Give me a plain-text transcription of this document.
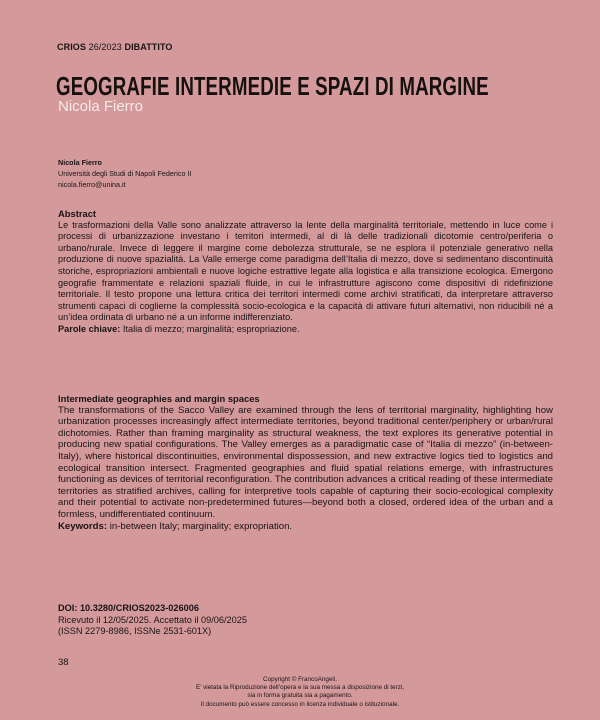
CRIOS 26/2023 DIBATTITO
GEOGRAFIE INTERMEDIE E SPAZI DI MARGINE
Nicola Fierro
Nicola Fierro
Università degli Studi di Napoli Federico II
nicola.fierro@unina.it
Abstract
Le trasformazioni della Valle sono analizzate attraverso la lente della marginalità territoriale, mettendo in luce come i processi di urbanizzazione investano i territori intermedi, al di là delle tradizionali dicotomie centro/periferia o urbano/rurale. Invece di leggere il margine come debolezza strutturale, se ne esplora il potenziale generativo nella produzione di nuove spazialità. La Valle emerge come paradigma dell’Italia di mezzo, dove si sedimentano discontinuità storiche, espropriazioni ambientali e nuove logiche estrattive legate alla logistica e alla transizione ecologica. Emergono geografie frammentate e relazioni spaziali fluide, in cui le infrastrutture agiscono come dispositivi di ridefinizione territoriale. Il testo propone una lettura critica dei territori intermedi come archivi stratificati, da interpretare attraverso strumenti capaci di coglierne la complessità socio-ecologica e la capacità di attivare futuri alternativi, non riducibili né a un’idea ordinata di urbano né a un informe indifferenziato.
Parole chiave: Italia di mezzo; marginalità; espropriazione.
Intermediate geographies and margin spaces
The transformations of the Sacco Valley are examined through the lens of territorial marginality, highlighting how urbanization processes increasingly affect intermediate territories, beyond traditional center/periphery or urban/rural dichotomies. Rather than framing marginality as structural weakness, the text explores its generative potential in producing new spatial configurations. The Valley emerges as a paradigmatic case of “Italia di mezzo” (in-between-Italy), where historical discontinuities, environmental dispossession, and new extractive logics tied to logistics and ecological transition intersect. Fragmented geographies and fluid spatial relations emerge, with infrastructures functioning as devices of territorial reconfiguration. The contribution advances a critical reading of these intermediate territories as stratified archives, calling for interpretive tools capable of capturing their socio-ecological complexity and their potential to activate non-predetermined futures—beyond both a closed, ordered idea of the urban and a formless, undifferentiated continuum.
Keywords: in-between Italy; marginality; expropriation.
DOI: 10.3280/CRIOS2023-026006
Ricevuto il 12/05/2025. Accettato il 09/06/2025
(ISSN 2279-8986, ISSNe 2531-601X)
38
Copyright © FrancoAngeli.
E’ vietata la Riproduzione dell’opera e la sua messa a disposizione di terzi,
sia in forma gratuita sia a pagamento.
Il documento può essere concesso in licenza individuale o istituzionale.
